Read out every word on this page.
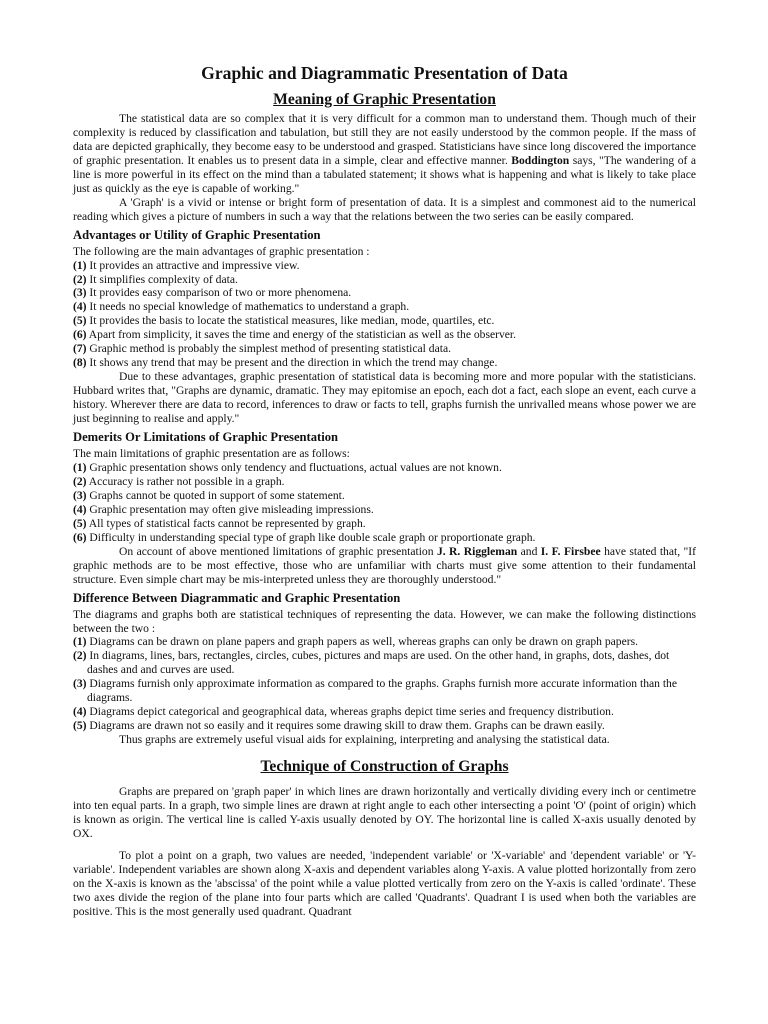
Graphic and Diagrammatic Presentation of Data
Meaning of Graphic Presentation

The statistical data are so complex that it is very difficult for a common man to understand them. Though much of their complexity is reduced by classification and tabulation, but still they are not easily understood by the common people. If the mass of data are depicted graphically, they become easy to be understood and grasped. Statisticians have since long discovered the importance of graphic presentation. It enables us to present data in a simple, clear and effective manner. Boddington says, "The wandering of a line is more powerful in its effect on the mind than a tabulated statement; it shows what is happening and what is likely to take place just as quickly as the eye is capable of working."

A 'Graph' is a vivid or intense or bright form of presentation of data. It is a simplest and commonest aid to the numerical reading which gives a picture of numbers in such a way that the relations between the two series can be easily compared.

Advantages or Utility of Graphic Presentation

The following are the main advantages of graphic presentation :

(1) It provides an attractive and impressive view.
(2) It simplifies complexity of data.
(3) It provides easy comparison of two or more phenomena.
(4) It needs no special knowledge of mathematics to understand a graph.
(5) It provides the basis to locate the statistical measures, like median, mode, quartiles, etc.
(6) Apart from simplicity, it saves the time and energy of the statistician as well as the observer.
(7) Graphic method is probably the simplest method of presenting statistical data.
(8) It shows any trend that may be present and the direction in which the trend may change.

Due to these advantages, graphic presentation of statistical data is becoming more and more popular with the statisticians. Hubbard writes that, "Graphs are dynamic, dramatic. They may epitomise an epoch, each dot a fact, each slope an event, each curve a history. Wherever there are data to record, inferences to draw or facts to tell, graphs furnish the unrivalled means whose power we are just beginning to realise and apply."

Demerits Or Limitations of Graphic Presentation

The main limitations of graphic presentation are as follows:

(1) Graphic presentation shows only tendency and fluctuations, actual values are not known.
(2) Accuracy is rather not possible in a graph.
(3) Graphs cannot be quoted in support of some statement.
(4) Graphic presentation may often give misleading impressions.
(5) All types of statistical facts cannot be represented by graph.
(6) Difficulty in understanding special type of graph like double scale graph or proportionate graph.

On account of above mentioned limitations of graphic presentation J. R. Riggleman and I. F. Firsbee have stated that, "If graphic methods are to be most effective, those who are unfamiliar with charts must give some attention to their fundamental structure. Even simple chart may be mis-interpreted unless they are thoroughly understood."

Difference Between Diagrammatic and Graphic Presentation

The diagrams and graphs both are statistical techniques of representing the data. However, we can make the following distinctions between the two :

(1) Diagrams can be drawn on plane papers and graph papers as well, whereas graphs can only be drawn on graph papers.
(2) In diagrams, lines, bars, rectangles, circles, cubes, pictures and maps are used. On the other hand, in graphs, dots, dashes, dot dashes and and curves are used.
(3) Diagrams furnish only approximate information as compared to the graphs. Graphs furnish more accurate information than the diagrams.
(4) Diagrams depict categorical and geographical data, whereas graphs depict time series and frequency distribution.
(5) Diagrams are drawn not so easily and it requires some drawing skill to draw them. Graphs can be drawn easily.

Thus graphs are extremely useful visual aids for explaining, interpreting and analysing the statistical data.

Technique of Construction of Graphs

Graphs are prepared on 'graph paper' in which lines are drawn horizontally and vertically dividing every inch or centimetre into ten equal parts. In a graph, two simple lines are drawn at right angle to each other intersecting a point 'O' (point of origin) which is known as origin. The vertical line is called Y-axis usually denoted by OY. The horizontal line is called X-axis usually denoted by OX.

To plot a point on a graph, two values are needed, 'independent variable' or 'X-variable' and 'dependent variable' or 'Y-variable'. Independent variables are shown along X-axis and dependent variables along Y-axis. A value plotted horizontally from zero on the X-axis is known as the 'abscissa' of the point while a value plotted vertically from zero on the Y-axis is called 'ordinate'. These two axes divide the region of the plane into four parts which are called 'Quadrants'. Quadrant I is used when both the variables are positive. This is the most generally used quadrant. Quadrant
